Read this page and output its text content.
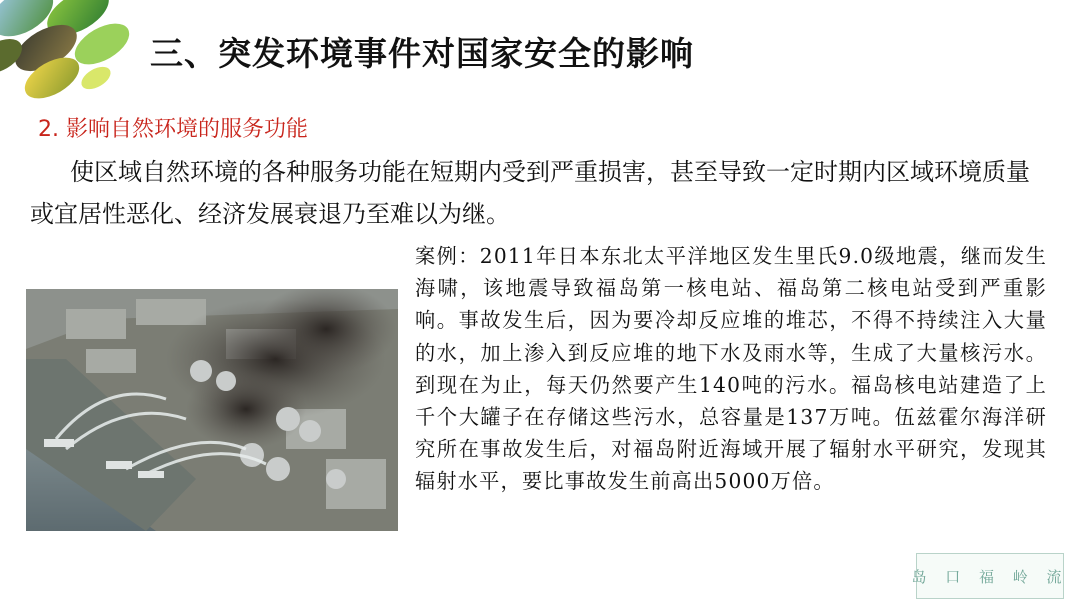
三、突发环境事件对国家安全的影响
2. 影响自然环境的服务功能
使区域自然环境的各种服务功能在短期内受到严重损害，甚至导致一定时期内区域环境质量或宜居性恶化、经济发展衰退乃至难以为继。
案例：2011年日本东北太平洋地区发生里氏9.0级地震，继而发生海啸，该地震导致福岛第一核电站、福岛第二核电站受到严重影响。事故发生后，因为要冷却反应堆的堆芯，不得不持续注入大量的水，加上渗入到反应堆的地下水及雨水等，生成了大量核污水。到现在为止，每天仍然要产生140吨的污水。福岛核电站建造了上千个大罐子在存储这些污水，总容量是137万吨。伍兹霍尔海洋研究所在事故发生后，对福岛附近海域开展了辐射水平研究，发现其辐射水平，要比事故发生前高出5000万倍。
岛 口 福 岭 流
